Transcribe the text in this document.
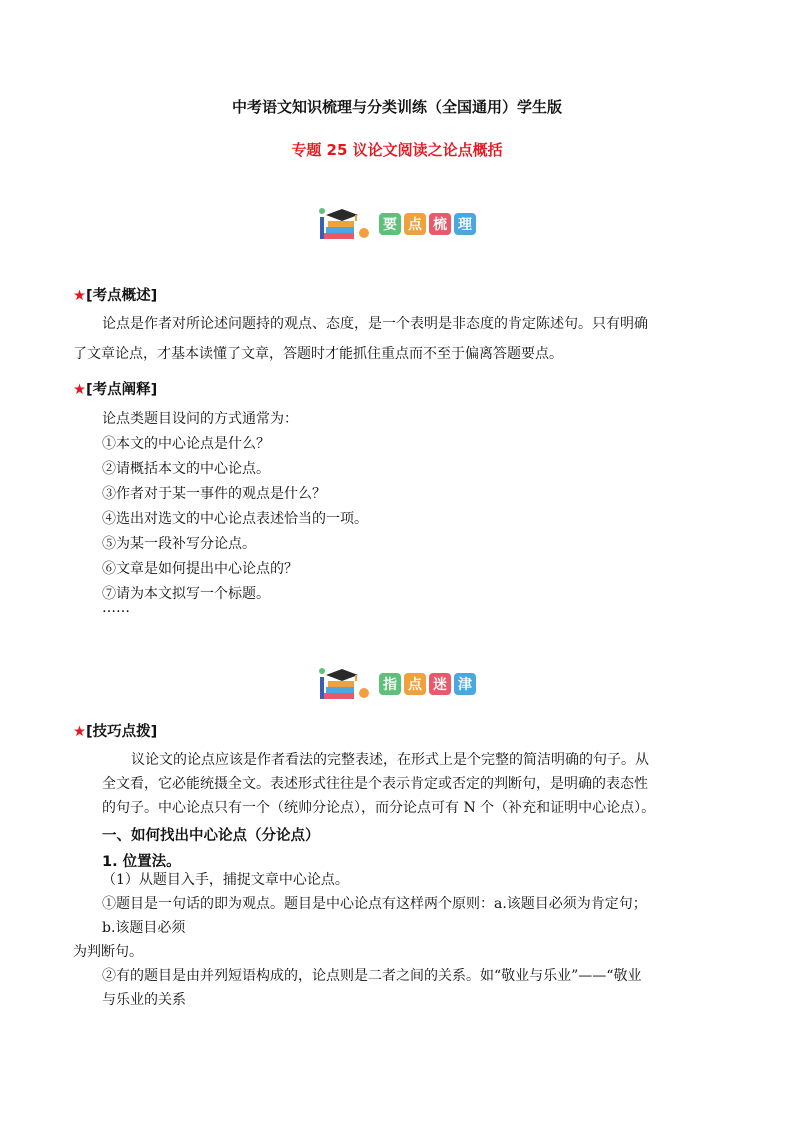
中考语文知识梳理与分类训练（全国通用）学生版
专题 25 议论文阅读之论点概括
要 点 梳 理
★[考点概述]
论点是作者对所论述问题持的观点、态度，是一个表明是非态度的肯定陈述句。只有明确
了文章论点，才基本读懂了文章，答题时才能抓住重点而不至于偏离答题要点。
★[考点阐释]
论点类题目设问的方式通常为：
①本文的中心论点是什么？
②请概括本文的中心论点。
③作者对于某一事件的观点是什么？
④选出对选文的中心论点表述恰当的一项。
⑤为某一段补写分论点。
⑥文章是如何提出中心论点的？
⑦请为本文拟写一个标题。
……
指 点 迷 津
★[技巧点拨]
议论文的论点应该是作者看法的完整表述，在形式上是个完整的简洁明确的句子。从
全文看，它必能统摄全文。表述形式往往是个表示肯定或否定的判断句，是明确的表态性
的句子。中心论点只有一个（统帅分论点），而分论点可有 N 个（补充和证明中心论点）。
一、如何找出中心论点（分论点）
1. 位置法。
（1）从题目入手，捕捉文章中心论点。
①题目是一句话的即为观点。题目是中心论点有这样两个原则：a.该题目必须为肯定句；
b.该题目必须
为判断句。
②有的题目是由并列短语构成的，论点则是二者之间的关系。如“敬业与乐业”——“敬业
与乐业的关系
